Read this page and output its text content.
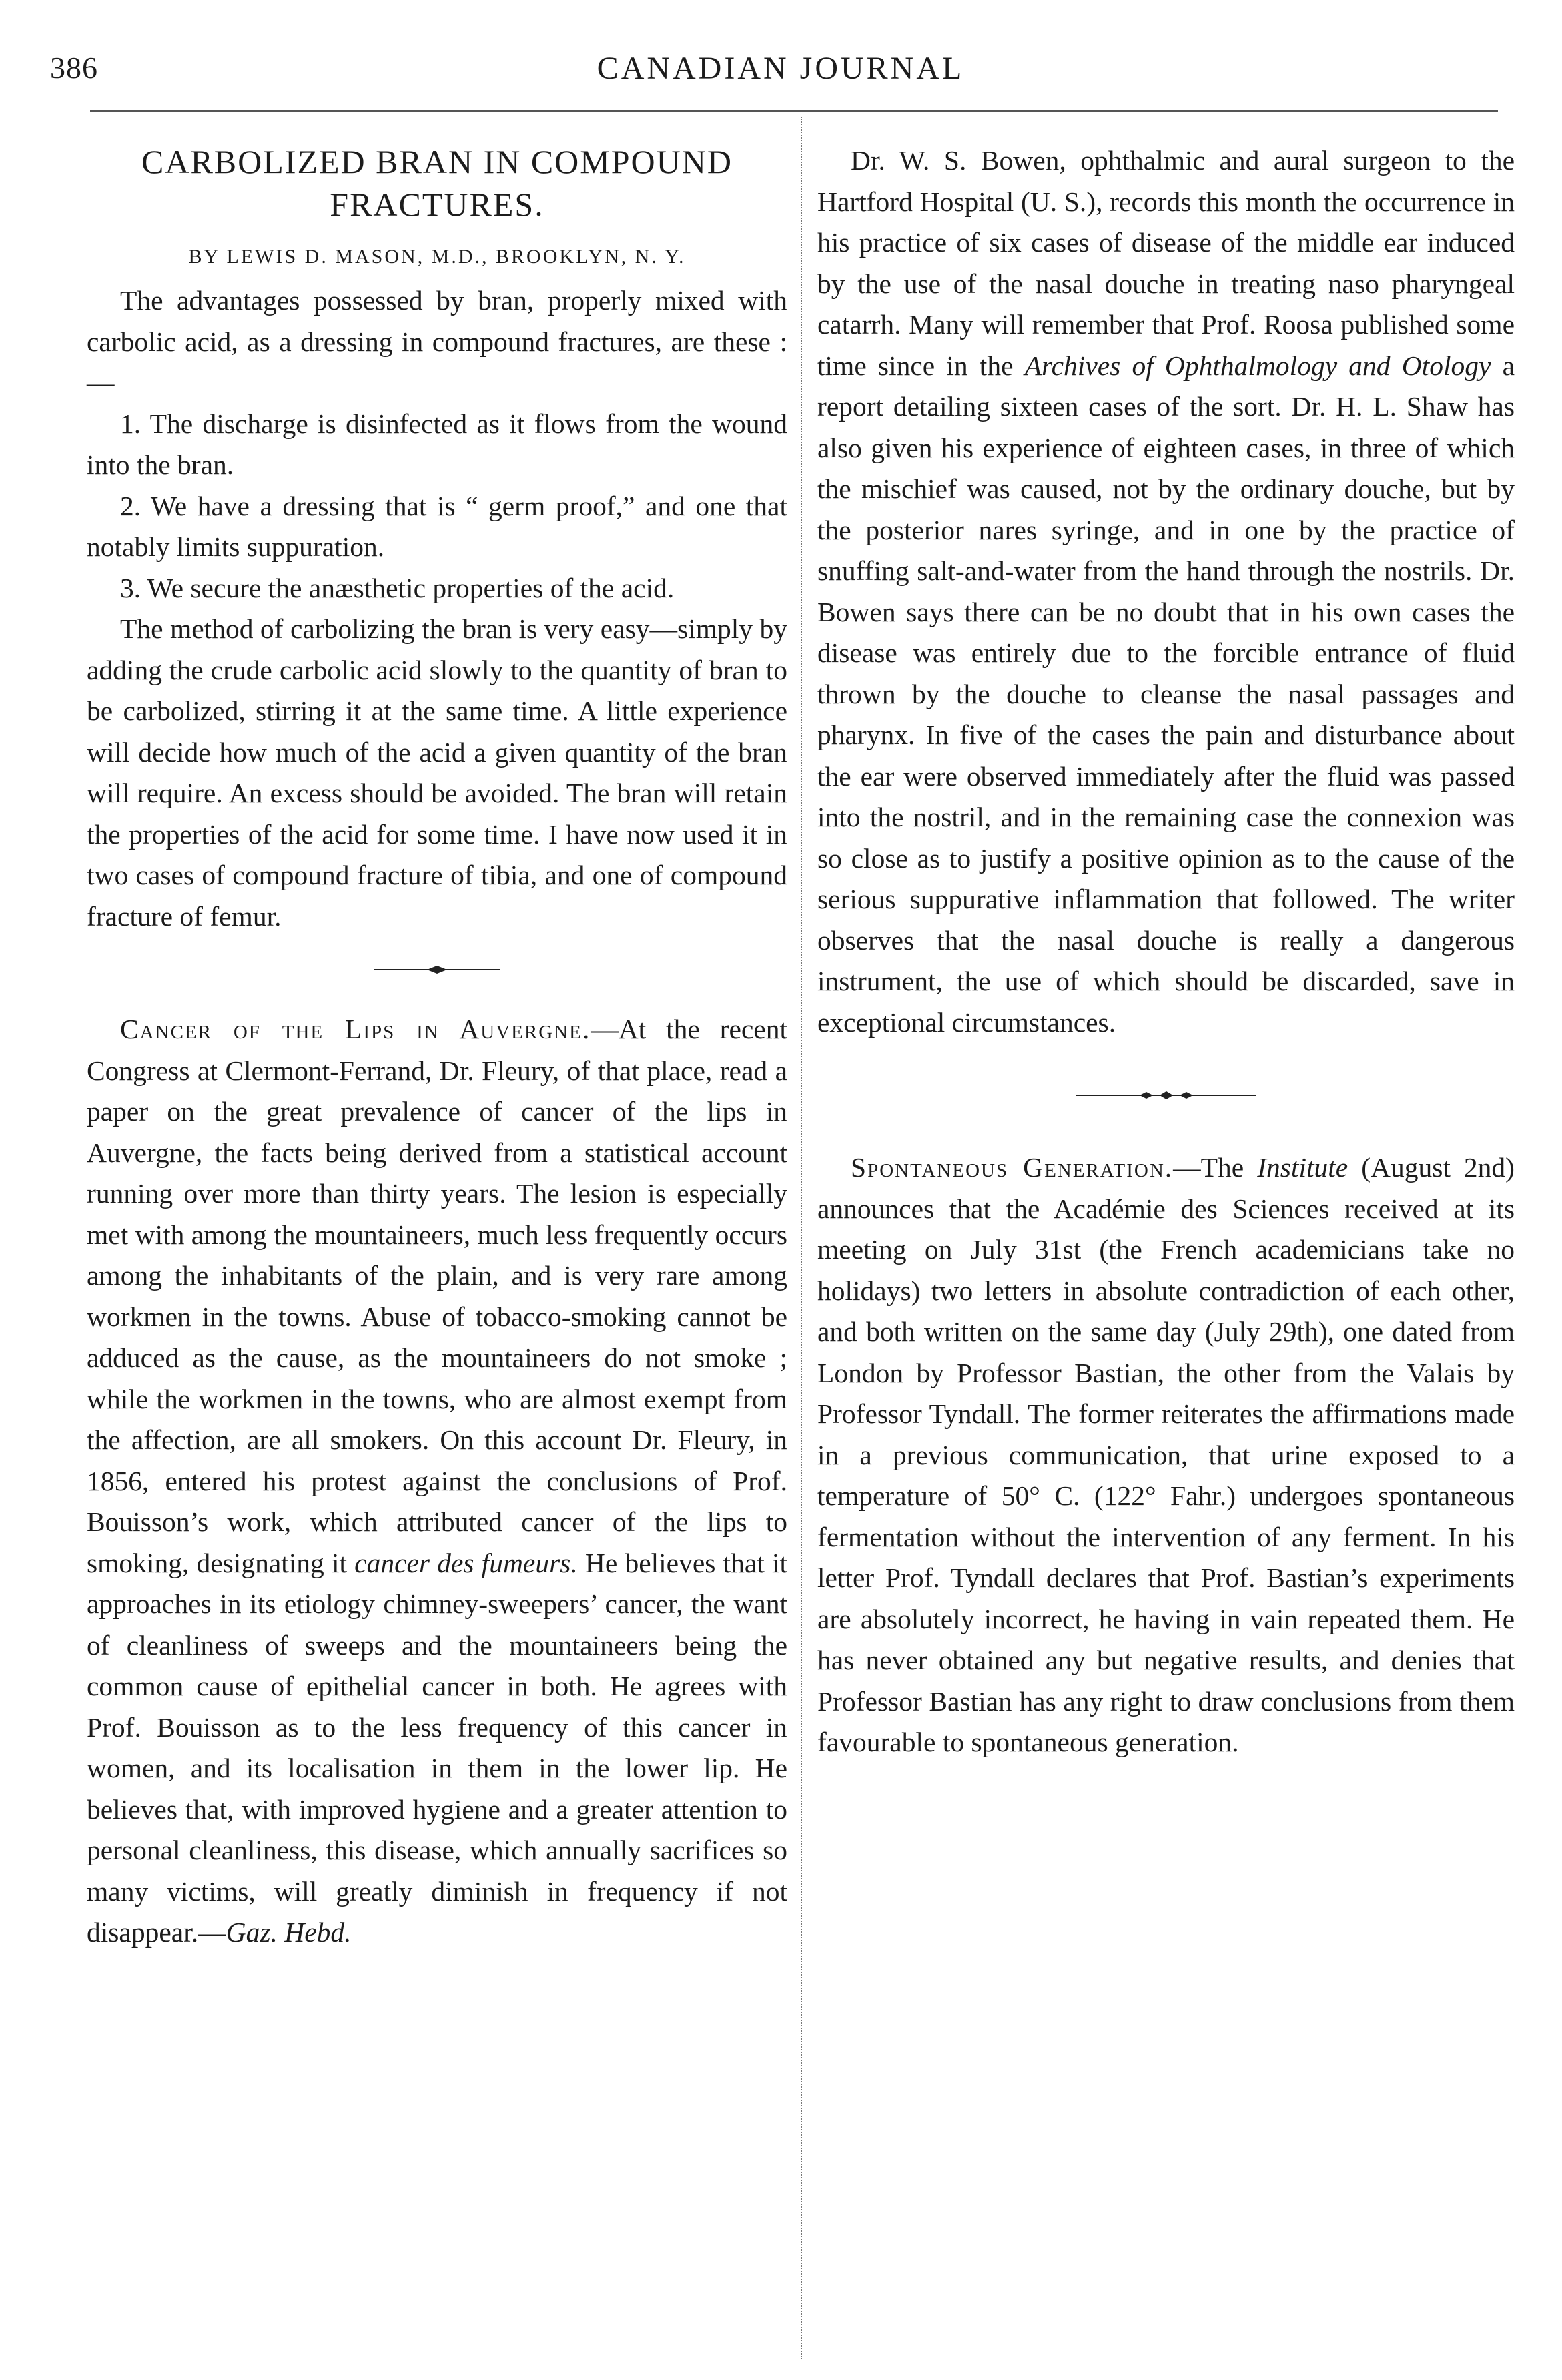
386	CANADIAN JOURNAL
CARBOLIZED BRAN IN COMPOUND
FRACTURES.
BY LEWIS D. MASON, M.D., BROOKLYN, N. Y.

The advantages possessed by bran, properly mixed with carbolic acid, as a dressing in compound fractures, are these :—

1. The discharge is disinfected as it flows from the wound into the bran.

2. We have a dressing that is “ germ proof,” and one that notably limits suppuration.

3. We secure the anæsthetic properties of the acid.

The method of carbolizing the bran is very easy—simply by adding the crude carbolic acid slowly to the quantity of bran to be carbolized, stirring it at the same time. A little experience will decide how much of the acid a given quantity of the bran will require. An excess should be avoided. The bran will retain the properties of the acid for some time. I have now used it in two cases of compound fracture of tibia, and one of compound fracture of femur.

Cancer of the Lips in Auvergne.—At the recent Congress at Clermont-Ferrand, Dr. Fleury, of that place, read a paper on the great prevalence of cancer of the lips in Auvergne, the facts being derived from a statistical account running over more than thirty years. The lesion is especially met with among the mountaineers, much less frequently occurs among the inhabitants of the plain, and is very rare among workmen in the towns. Abuse of tobacco-smoking cannot be adduced as the cause, as the mountaineers do not smoke ; while the workmen in the towns, who are almost exempt from the affection, are all smokers. On this account Dr. Fleury, in 1856, entered his protest against the conclusions of Prof. Bouisson’s work, which attributed cancer of the lips to smoking, designating it cancer des fumeurs. He believes that it approaches in its etiology chimney-sweepers’ cancer, the want of cleanliness of sweeps and the mountaineers being the common cause of epithelial cancer in both. He agrees with Prof. Bouisson as to the less frequency of this cancer in women, and its localisation in them in the lower lip. He believes that, with improved hygiene and a greater attention to personal cleanliness, this disease, which annually sacrifices so many victims, will greatly diminish in frequency if not disappear.—Gaz. Hebd.

Dr. W. S. Bowen, ophthalmic and aural surgeon to the Hartford Hospital (U. S.), records this month the occurrence in his practice of six cases of disease of the middle ear induced by the use of the nasal douche in treating naso pharyngeal catarrh. Many will remember that Prof. Roosa published some time since in the Archives of Ophthalmology and Otology a report detailing sixteen cases of the sort. Dr. H. L. Shaw has also given his experience of eighteen cases, in three of which the mischief was caused, not by the ordinary douche, but by the posterior nares syringe, and in one by the practice of snuffing salt-and-water from the hand through the nostrils. Dr. Bowen says there can be no doubt that in his own cases the disease was entirely due to the forcible entrance of fluid thrown by the douche to cleanse the nasal passages and pharynx. In five of the cases the pain and disturbance about the ear were observed immediately after the fluid was passed into the nostril, and in the remaining case the connexion was so close as to justify a positive opinion as to the cause of the serious suppurative inflammation that followed. The writer observes that the nasal douche is really a dangerous instrument, the use of which should be discarded, save in exceptional circumstances.

Spontaneous Generation.—The Institute (August 2nd) announces that the Académie des Sciences received at its meeting on July 31st (the French academicians take no holidays) two letters in absolute contradiction of each other, and both written on the same day (July 29th), one dated from London by Professor Bastian, the other from the Valais by Professor Tyndall. The former reiterates the affirmations made in a previous communication, that urine exposed to a temperature of 50° C. (122° Fahr.) undergoes spontaneous fermentation without the intervention of any ferment. In his letter Prof. Tyndall declares that Prof. Bastian’s experiments are absolutely incorrect, he having in vain repeated them. He has never obtained any but negative results, and denies that Professor Bastian has any right to draw conclusions from them favourable to spontaneous generation.
